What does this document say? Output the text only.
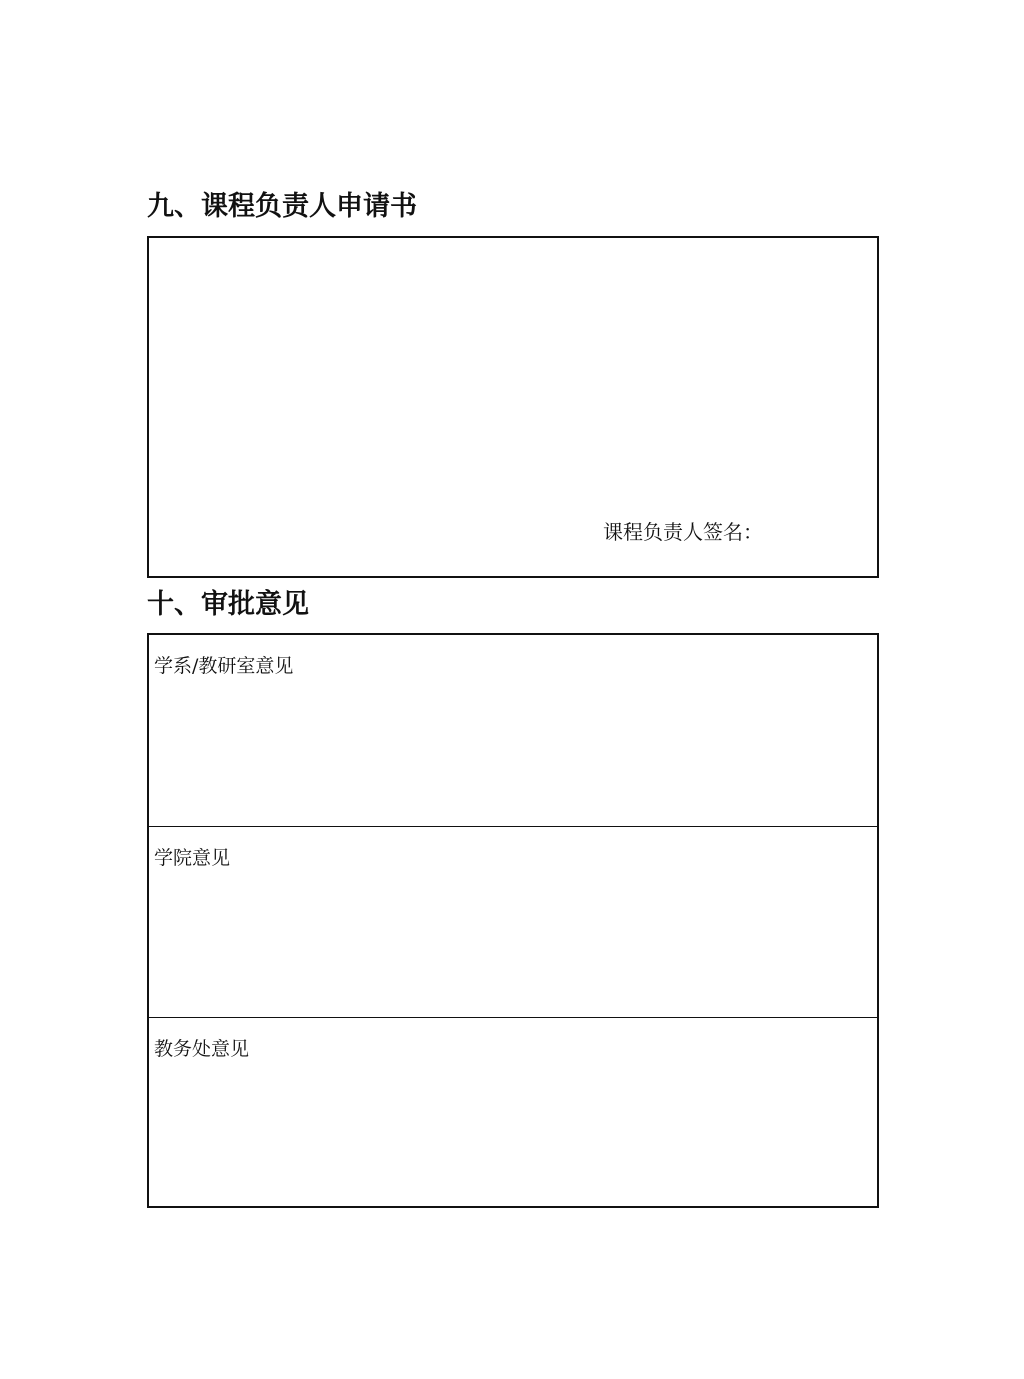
九、课程负责人申请书
课程负责人签名：
十、审批意见
学系/教研室意见
学院意见
教务处意见
